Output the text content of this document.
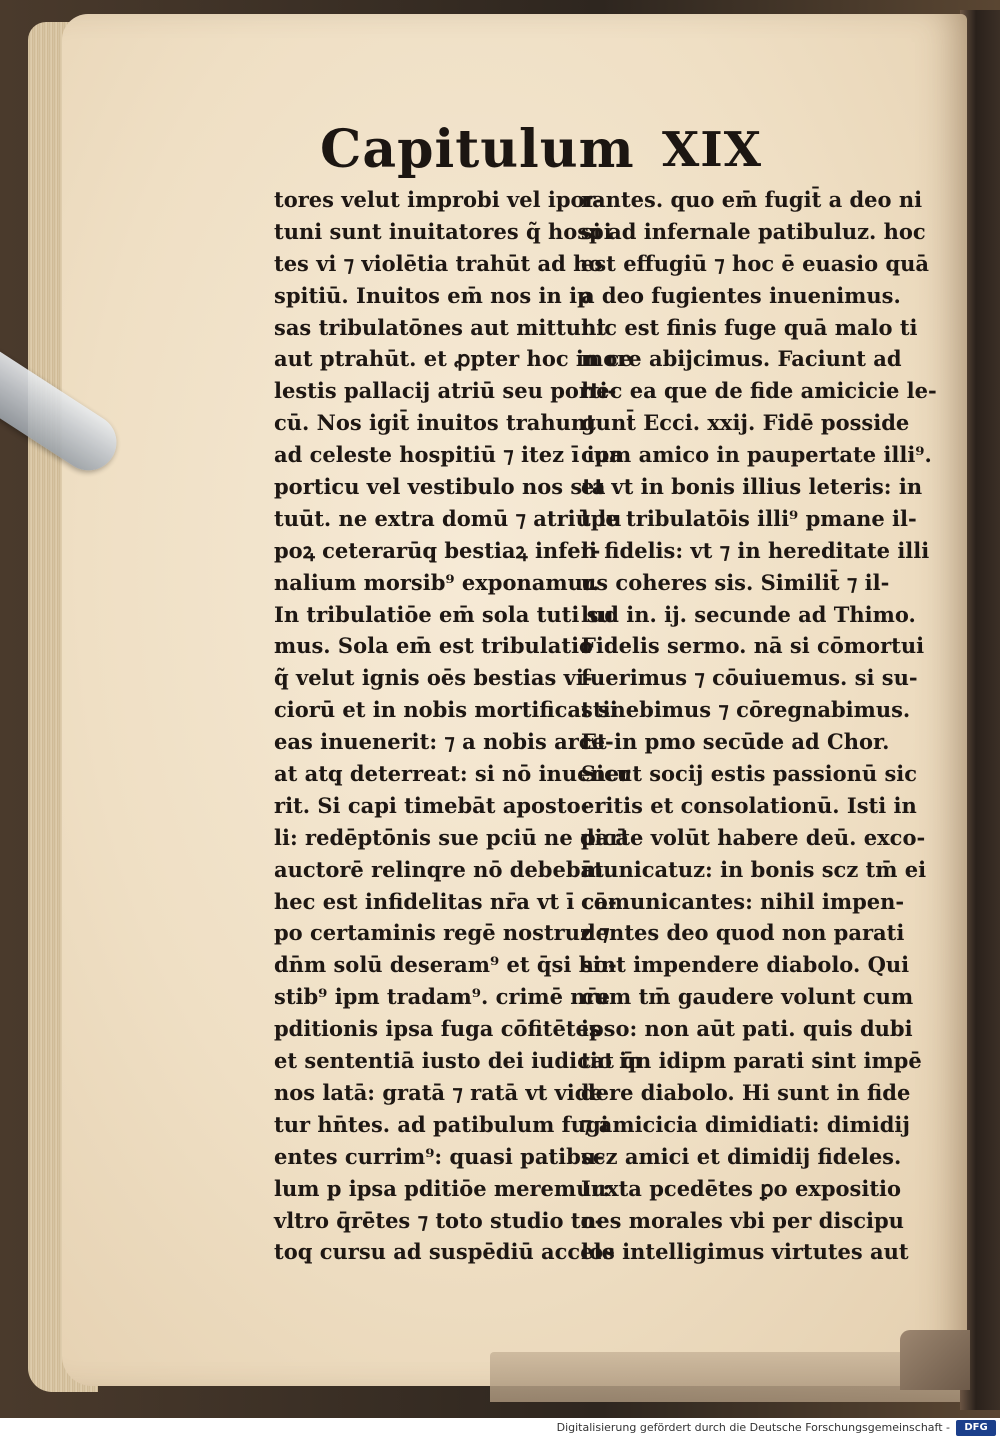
Capitulum XIX
tores velut improbi vel ipor-
tuni sunt inuitatores q̃ hospi
tes vi ⁊ violētia trahūt ad ho
spitiū. Inuitos em̄ nos in ip
sas tribulatōnes aut mittunt
aut ptrahūt. et ꝓpter hoc in ce
lestis pallacij atriū seu porti-
cū. Nos igit̄ inuitos trahunt
ad celeste hospitiū ⁊ itez ī ipa
porticu vel vestibulo nos sta
tuūt. ne extra domū ⁊ atriū lu
poꝝ ceterarūq̧ bestiaꝝ infer-
nalium morsib⁹ exponamur.
In tribulatiōe em̄ sola tuti su
mus. Sola em̄ est tribulatio
q̃ velut ignis oēs bestias vi-
ciorū et in nobis mortificat si
eas inuenerit: ⁊ a nobis arce-
at atq̧ deterreat: si nō inuener
rit. Si capi timebāt aposto-
li: redēptōnis sue pciū ne dicā
auctorē relinqre nō debebāt.
hec est infidelitas nr̄a vt ī cā-
po certaminis regē nostruz ⁊
dn̄m solū deseram⁹ et q̄si ho-
stib⁹ ipm tradam⁹. crimē nr̄e
pditionis ipsa fuga cōfitētes
et sententiā iusto dei iudicio in
nos latā: gratā ⁊ ratā vt vide
tur hn̄tes. ad patibulum fugi
entes currim⁹: quasi patibu-
lum p ipsa pditiōe meremur:
vltro q̄rētes ⁊ toto studio to-
toq̧ cursu ad suspēdiū accele
rantes. quo em̄ fugit̄ a deo ni
si ad infernale patibuluz. hoc
est effugiū ⁊ hoc ē euasio quā
a deo fugientes inuenimus.
hic est finis fuge quā malo ti
more abijcimus. Faciunt ad
hec ea que de fide amicicie le-
gunt̄ Ecci. xxij. Fidē posside
cum amico in paupertate illi⁹.
et vt in bonis illius leteris: in
tpe tribulatōis illi⁹ pmane il-
li fidelis: vt ⁊ in hereditate illi
us coheres sis. Similit̄ ⁊ il-
lud in. ij. secunde ad Thimo.
Fidelis sermo. nā si cōmortui
fuerimus ⁊ cōuiuemus. si su-
stinebimus ⁊ cōregnabimus.
Et in pmo secūde ad Chor.
Sicut socij estis passionū sic
eritis et consolationū. Isti in
parte volūt habere deū. exco-
municatuz: in bonis scz tm̄ ei
cōmunicantes: nihil impen-
dentes deo quod non parati
sint impendere diabolo. Qui
cum tm̄ gaudere volunt cum
ipso: non aūt pati. quis dubi
tat q̄n idipm parati sint impē
dere diabolo. Hi sunt in fide
⁊ amicicia dimidiati: dimidij
scz amici et dimidij fideles.
Iuxta pcedētes ꝑo expositio
nes morales vbi per discipu
los intelligimus virtutes aut
Digitalisierung gefördert durch die Deutsche Forschungsgemeinschaft -	DFG
